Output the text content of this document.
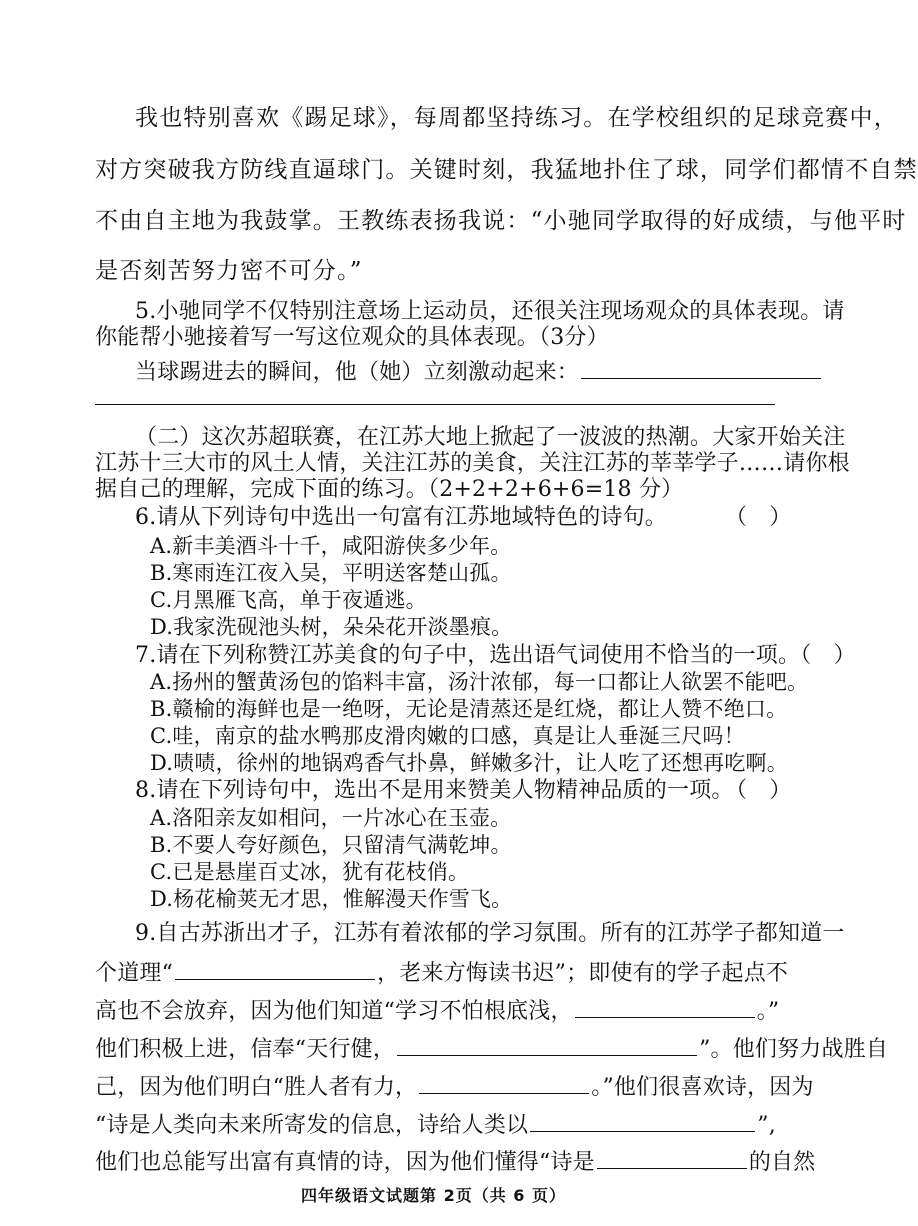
我也特别喜欢《踢足球》，每周都坚持练习。在学校组织的足球竞赛中，
对方突破我方防线直逼球门。关键时刻，我猛地扑住了球，同学们都情不自禁
不由自主地为我鼓掌。王教练表扬我说：“小驰同学取得的好成绩，与他平时
是否刻苦努力密不可分。”
5.小驰同学不仅特别注意场上运动员，还很关注现场观众的具体表现。请
你能帮小驰接着写一写这位观众的具体表现。（3分）
当球踢进去的瞬间，他（她）立刻激动起来：
（二）这次苏超联赛，在江苏大地上掀起了一波波的热潮。大家开始关注
江苏十三大市的风土人情，关注江苏的美食，关注江苏的莘莘学子……请你根
据自己的理解，完成下面的练习。（2+2+2+6+6=18 分）
6.请从下列诗句中选出一句富有江苏地域特色的诗句。	（　）
A.新丰美酒斗十千，咸阳游侠多少年。
B.寒雨连江夜入吴，平明送客楚山孤。
C.月黑雁飞高，单于夜遁逃。
D.我家洗砚池头树，朵朵花开淡墨痕。
7.请在下列称赞江苏美食的句子中，选出语气词使用不恰当的一项。（　）
A.扬州的蟹黄汤包的馅料丰富，汤汁浓郁，每一口都让人欲罢不能吧。
B.赣榆的海鲜也是一绝呀，无论是清蒸还是红烧，都让人赞不绝口。
C.哇，南京的盐水鸭那皮滑肉嫩的口感，真是让人垂涎三尺吗！
D.啧啧，徐州的地锅鸡香气扑鼻，鲜嫩多汁，让人吃了还想再吃啊。
8.请在下列诗句中，选出不是用来赞美人物精神品质的一项。
（　）
A.洛阳亲友如相问，一片冰心在玉壶。
B.不要人夸好颜色，只留清气满乾坤。
C.已是悬崖百丈冰，犹有花枝俏。
D.杨花榆荚无才思，惟解漫天作雪飞。
9.自古苏浙出才子，江苏有着浓郁的学习氛围。所有的江苏学子都知道一
个道理“	，老来方悔读书迟”；即使有的学子起点不
高也不会放弃，因为他们知道“学习不怕根底浅，	。”
他们积极上进，信奉“天行健，	”。他们努力战胜自
己，因为他们明白“胜人者有力，	。”他们很喜欢诗，因为
“诗是人类向未来所寄发的信息，诗给人类以	”,
他们也总能写出富有真情的诗，因为他们懂得“诗是	的自然
四年级语文试题第 2页（共 6 页）
